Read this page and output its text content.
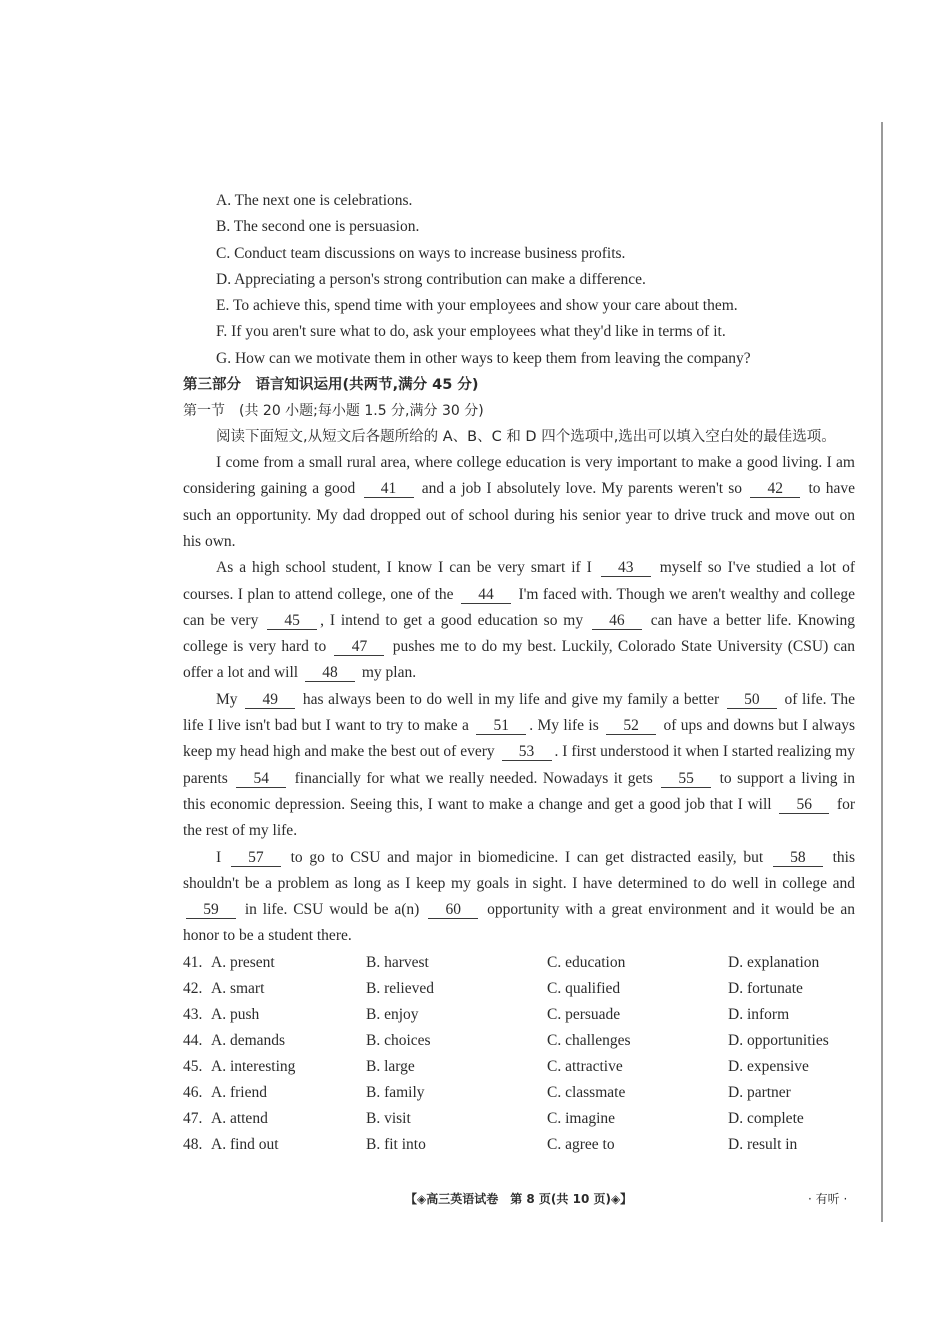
A. The next one is celebrations.
B. The second one is persuasion.
C. Conduct team discussions on ways to increase business profits.
D. Appreciating a person's strong contribution can make a difference.
E. To achieve this, spend time with your employees and show your care about them.
F. If you aren't sure what to do, ask your employees what they'd like in terms of it.
G. How can we motivate them in other ways to keep them from leaving the company?
第三部分　语言知识运用(共两节,满分 45 分)
第一节　(共 20 小题;每小题 1.5 分,满分 30 分)
阅读下面短文,从短文后各题所给的 A、B、C 和 D 四个选项中,选出可以填入空白处的最佳选项。
I come from a small rural area, where college education is very important to make a good living. I am considering gaining a good 41 and a job I absolutely love. My parents weren't so 42 to have such an opportunity. My dad dropped out of school during his senior year to drive truck and move out on his own.
As a high school student, I know I can be very smart if I 43 myself so I've studied a lot of courses. I plan to attend college, one of the 44 I'm faced with. Though we aren't wealthy and college can be very 45 , I intend to get a good education so my 46 can have a better life. Knowing college is very hard to 47 pushes me to do my best. Luckily, Colorado State University (CSU) can offer a lot and will 48 my plan.
My 49 has always been to do well in my life and give my family a better 50 of life. The life I live isn't bad but I want to try to make a 51 . My life is 52 of ups and downs but I always keep my head high and make the best out of every 53 . I first understood it when I started realizing my parents 54 financially for what we really needed. Nowadays it gets 55 to support a living in this economic depression. Seeing this, I want to make a change and get a good job that I will 56 for the rest of my life.
I 57 to go to CSU and major in biomedicine. I can get distracted easily, but 58 this shouldn't be a problem as long as I keep my goals in sight. I have determined to do well in college and 59 in life. CSU would be a(n) 60 opportunity with a great environment and it would be an honor to be a student there.
41. A. present	B. harvest	C. education	D. explanation
42. A. smart	B. relieved	C. qualified	D. fortunate
43. A. push	B. enjoy	C. persuade	D. inform
44. A. demands	B. choices	C. challenges	D. opportunities
45. A. interesting	B. large	C. attractive	D. expensive
46. A. friend	B. family	C. classmate	D. partner
47. A. attend	B. visit	C. imagine	D. complete
48. A. find out	B. fit into	C. agree to	D. result in
【◈高三英语试卷　第 8 页(共 10 页)◈】	· 有听 ·
